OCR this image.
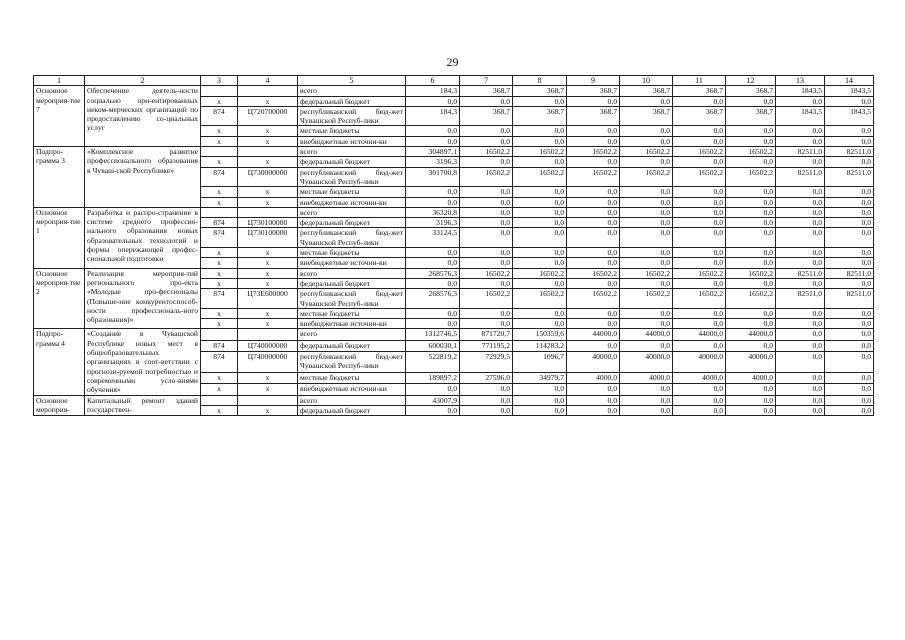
29
1	2	3	4	5	6	7	8	9	10	11	12	13	14
Основное мероприя-тие 7	Обеспечение деятель-ности социально ори-ентированных неком-мерческих организаций по предоставлению со-циальных услуг			всего	184,3	368,7	368,7	368,7	368,7	368,7	368,7	1843,5	1843,5
		x	x	федеральный бюджет	0,0	0,0	0,0	0,0	0,0	0,0	0,0	0,0	0,0
		874	Ц720700000	республиканский бюд-жет Чувашской Респуб-лики	184,3	368,7	368,7	368,7	368,7	368,7	368,7	1843,5	1843,5
		x	x	местные бюджеты	0,0	0,0	0,0	0,0	0,0	0,0	0,0	0,0	0,0
		x	x	внебюджетные источни-ки	0,0	0,0	0,0	0,0	0,0	0,0	0,0	0,0	0,0
Подпро-грамма 3	«Комплексное развитие профессионального образования в Чуваш-ской Республике»			всего	304897,1	16502,2	16502,2	16502,2	16502,2	16502,2	16502,2	82511,0	82511,0
		x	x	федеральный бюджет	3196,3	0,0	0,0	0,0	0,0	0,0	0,0	0,0	0,0
		874	Ц730000000	республиканский бюд-жет Чувашской Респуб-лики	301700,8	16502,2	16502,2	16502,2	16502,2	16502,2	16502,2	82511,0	82511,0
		x	x	местные бюджеты	0,0	0,0	0,0	0,0	0,0	0,0	0,0	0,0	0,0
		x	x	внебюджетные источни-ки	0,0	0,0	0,0	0,0	0,0	0,0	0,0	0,0	0,0
Основное мероприя-тие 1	Разработка и распро-странение в системе среднего профессио-нального образования новых образовательных технологий и формы опережающей профес-сиональной подготовки			всего	36320,8	0,0	0,0	0,0	0,0	0,0	0,0	0,0	0,0
		874	Ц730100000	федеральный бюджет	3196,3	0,0	0,0	0,0	0,0	0,0	0,0	0,0	0,0
		874	Ц730100000	республиканский бюд-жет Чувашской Респуб-лики	33124,5	0,0	0,0	0,0	0,0	0,0	0,0	0,0	0,0
		x	x	местные бюджеты	0,0	0,0	0,0	0,0	0,0	0,0	0,0	0,0	0,0
		x	x	внебюджетные источни-ки	0,0	0,0	0,0	0,0	0,0	0,0	0,0	0,0	0,0
Основное мероприя-тие 2	Реализация мероприя-тий регионального про-екта «Молодые про-фессионалы (Повыше-ние конкурентоспособ-ности профессиональ-ного образования)»	x	x	всего	268576,3	16502,2	16502,2	16502,2	16502,2	16502,2	16502,2	82511,0	82511,0
		x	x	федеральный бюджет	0,0	0,0	0,0	0,0	0,0	0,0	0,0	0,0	0,0
		874	Ц73Е600000	республиканский бюд-жет Чувашской Респуб-лики	268576,3	16502,2	16502,2	16502,2	16502,2	16502,2	16502,2	82511,0	82511,0
		x	x	местные бюджеты	0,0	0,0	0,0	0,0	0,0	0,0	0,0	0,0	0,0
		x	x	внебюджетные источни-ки	0,0	0,0	0,0	0,0	0,0	0,0	0,0	0,0	0,0
Подпро-грамма 4	«Создание в Чувашской Республике новых мест в общеобразовательных организациях в соот-ветствии с прогнози-руемой потребностью и современными усло-виями обучения»			всего	1312746,5	871720,7	150359,6	44000,0	44000,0	44000,0	44000,0	0,0	0,0
		874	Ц740000000	федеральный бюджет	600030,1	771195,2	114283,2	0,0	0,0	0,0	0,0	0,0	0,0
		874	Ц740000000	республиканский бюд-жет Чувашской Респуб-лики	522819,2	72929,5	1096,7	40000,0	40000,0	40000,0	40000,0	0,0	0,0
		x	x	местные бюджеты	189897,2	27596,0	34979,7	4000,0	4000,0	4000,0	4000,0	0,0	0,0
		x	x	внебюджетные источни-ки	0,0	0,0	0,0	0,0	0,0	0,0	0,0	0,0	0,0
Основное мероприя-	Капитальный ремонт зданий государствен-			всего	43007,9	0,0	0,0	0,0	0,0	0,0	0,0	0,0	0,0
		x	x	федеральный бюджет	0,0	0,0	0,0	0,0	0,0	0,0	0,0	0,0	0,0
